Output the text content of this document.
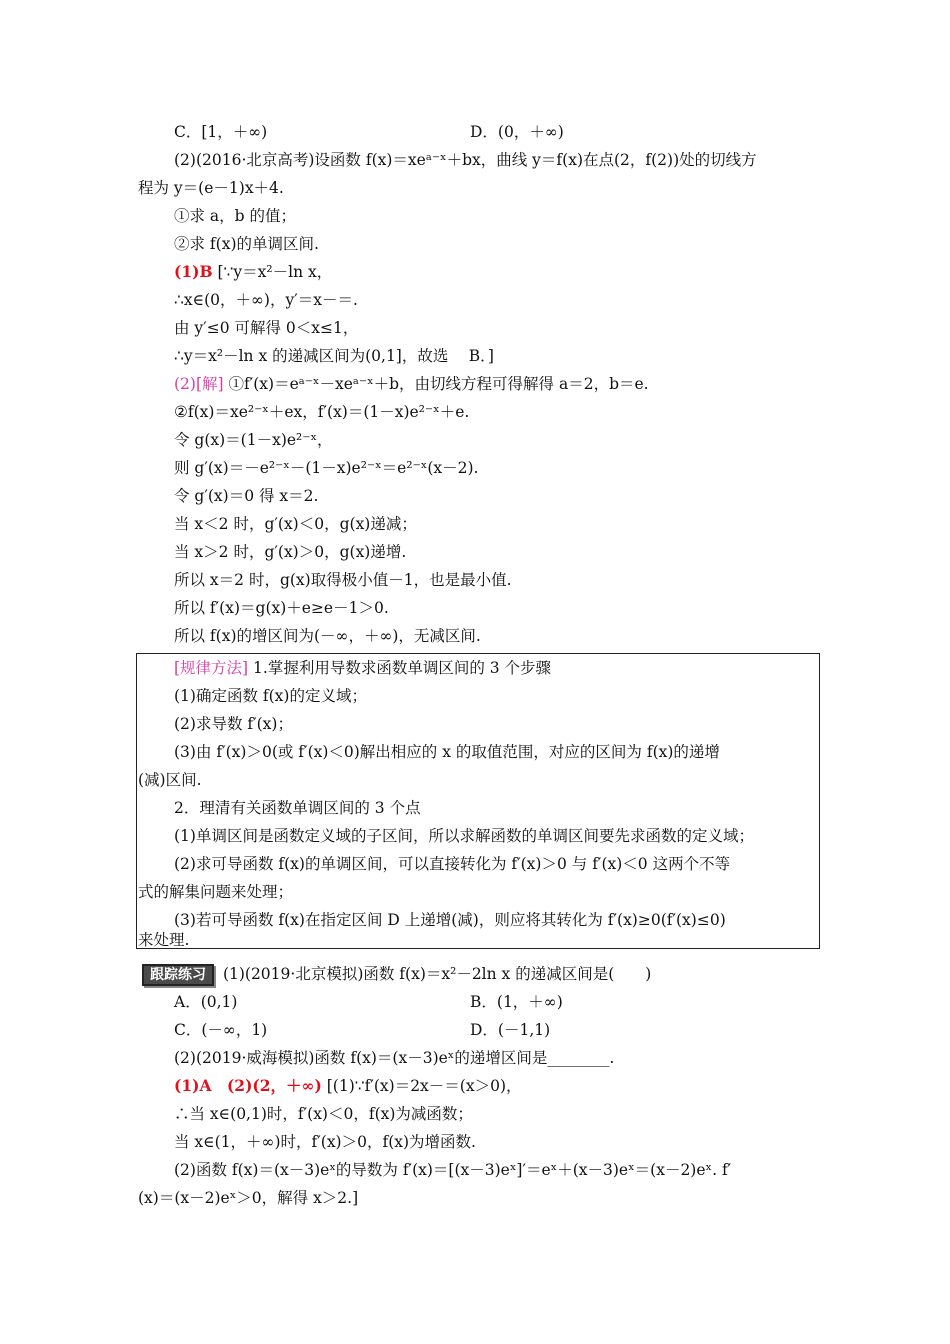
C．[1，＋∞)	D．(0，＋∞)
(2)(2016·北京高考)设函数 f(x)＝xeᵃ⁻ˣ＋bx，曲线 y＝f(x)在点(2，f(2))处的切线方
程为 y＝(e－1)x＋4.
①求 a，b 的值；
②求 f(x)的单调区间.
(1)B [∵y＝x²－ln x，
∴x∈(0，＋∞)，y′＝x－＝.
由 y′≤0 可解得 0＜x≤1，
∴y＝x²－ln x 的递减区间为(0,1]，故选　 B．]
(2)[解] ①f′(x)＝eᵃ⁻ˣ－xeᵃ⁻ˣ＋b，由切线方程可得解得 a＝2，b＝e.
②f(x)＝xe²⁻ˣ＋ex，f′(x)＝(1－x)e²⁻ˣ＋e.
令 g(x)＝(1－x)e²⁻ˣ，
则 g′(x)＝－e²⁻ˣ－(1－x)e²⁻ˣ＝e²⁻ˣ(x－2).
令 g′(x)＝0 得 x＝2.
当 x＜2 时，g′(x)＜0，g(x)递减；
当 x＞2 时，g′(x)＞0，g(x)递增.
所以 x＝2 时，g(x)取得极小值－1，也是最小值.
所以 f′(x)＝g(x)＋e≥e－1＞0.
所以 f(x)的增区间为(－∞，＋∞)，无减区间.
[规律方法] 1.掌握利用导数求函数单调区间的 3 个步骤
(1)确定函数 f(x)的定义域；
(2)求导数 f′(x)；
(3)由 f′(x)＞0(或 f′(x)＜0)解出相应的 x 的取值范围，对应的区间为 f(x)的递增
(减)区间.
2．理清有关函数单调区间的 3 个点
(1)单调区间是函数定义域的子区间，所以求解函数的单调区间要先求函数的定义域；
(2)求可导函数 f(x)的单调区间，可以直接转化为 f′(x)＞0 与 f′(x)＜0 这两个不等
式的解集问题来处理；
(3)若可导函数 f(x)在指定区间 D 上递增(减)，则应将其转化为 f′(x)≥0(f′(x)≤0)
来处理.
跟踪练习 (1)(2019·北京模拟)函数 f(x)＝x²－2ln x 的递减区间是(　　)
A．(0,1)	B．(1，＋∞)
C．(－∞，1)	D．(－1,1)
(2)(2019·威海模拟)函数 f(x)＝(x－3)eˣ的递增区间是________.
(1)A　(2)(2，＋∞) [(1)∵f′(x)＝2x－＝(x＞0)，
∴当 x∈(0,1)时，f′(x)＜0，f(x)为减函数；
当 x∈(1，＋∞)时，f′(x)＞0，f(x)为增函数.
(2)函数 f(x)＝(x－3)eˣ的导数为 f′(x)＝[(x－3)eˣ]′＝eˣ＋(x－3)eˣ＝(x－2)eˣ. f′
(x)＝(x－2)eˣ＞0，解得 x＞2.]
